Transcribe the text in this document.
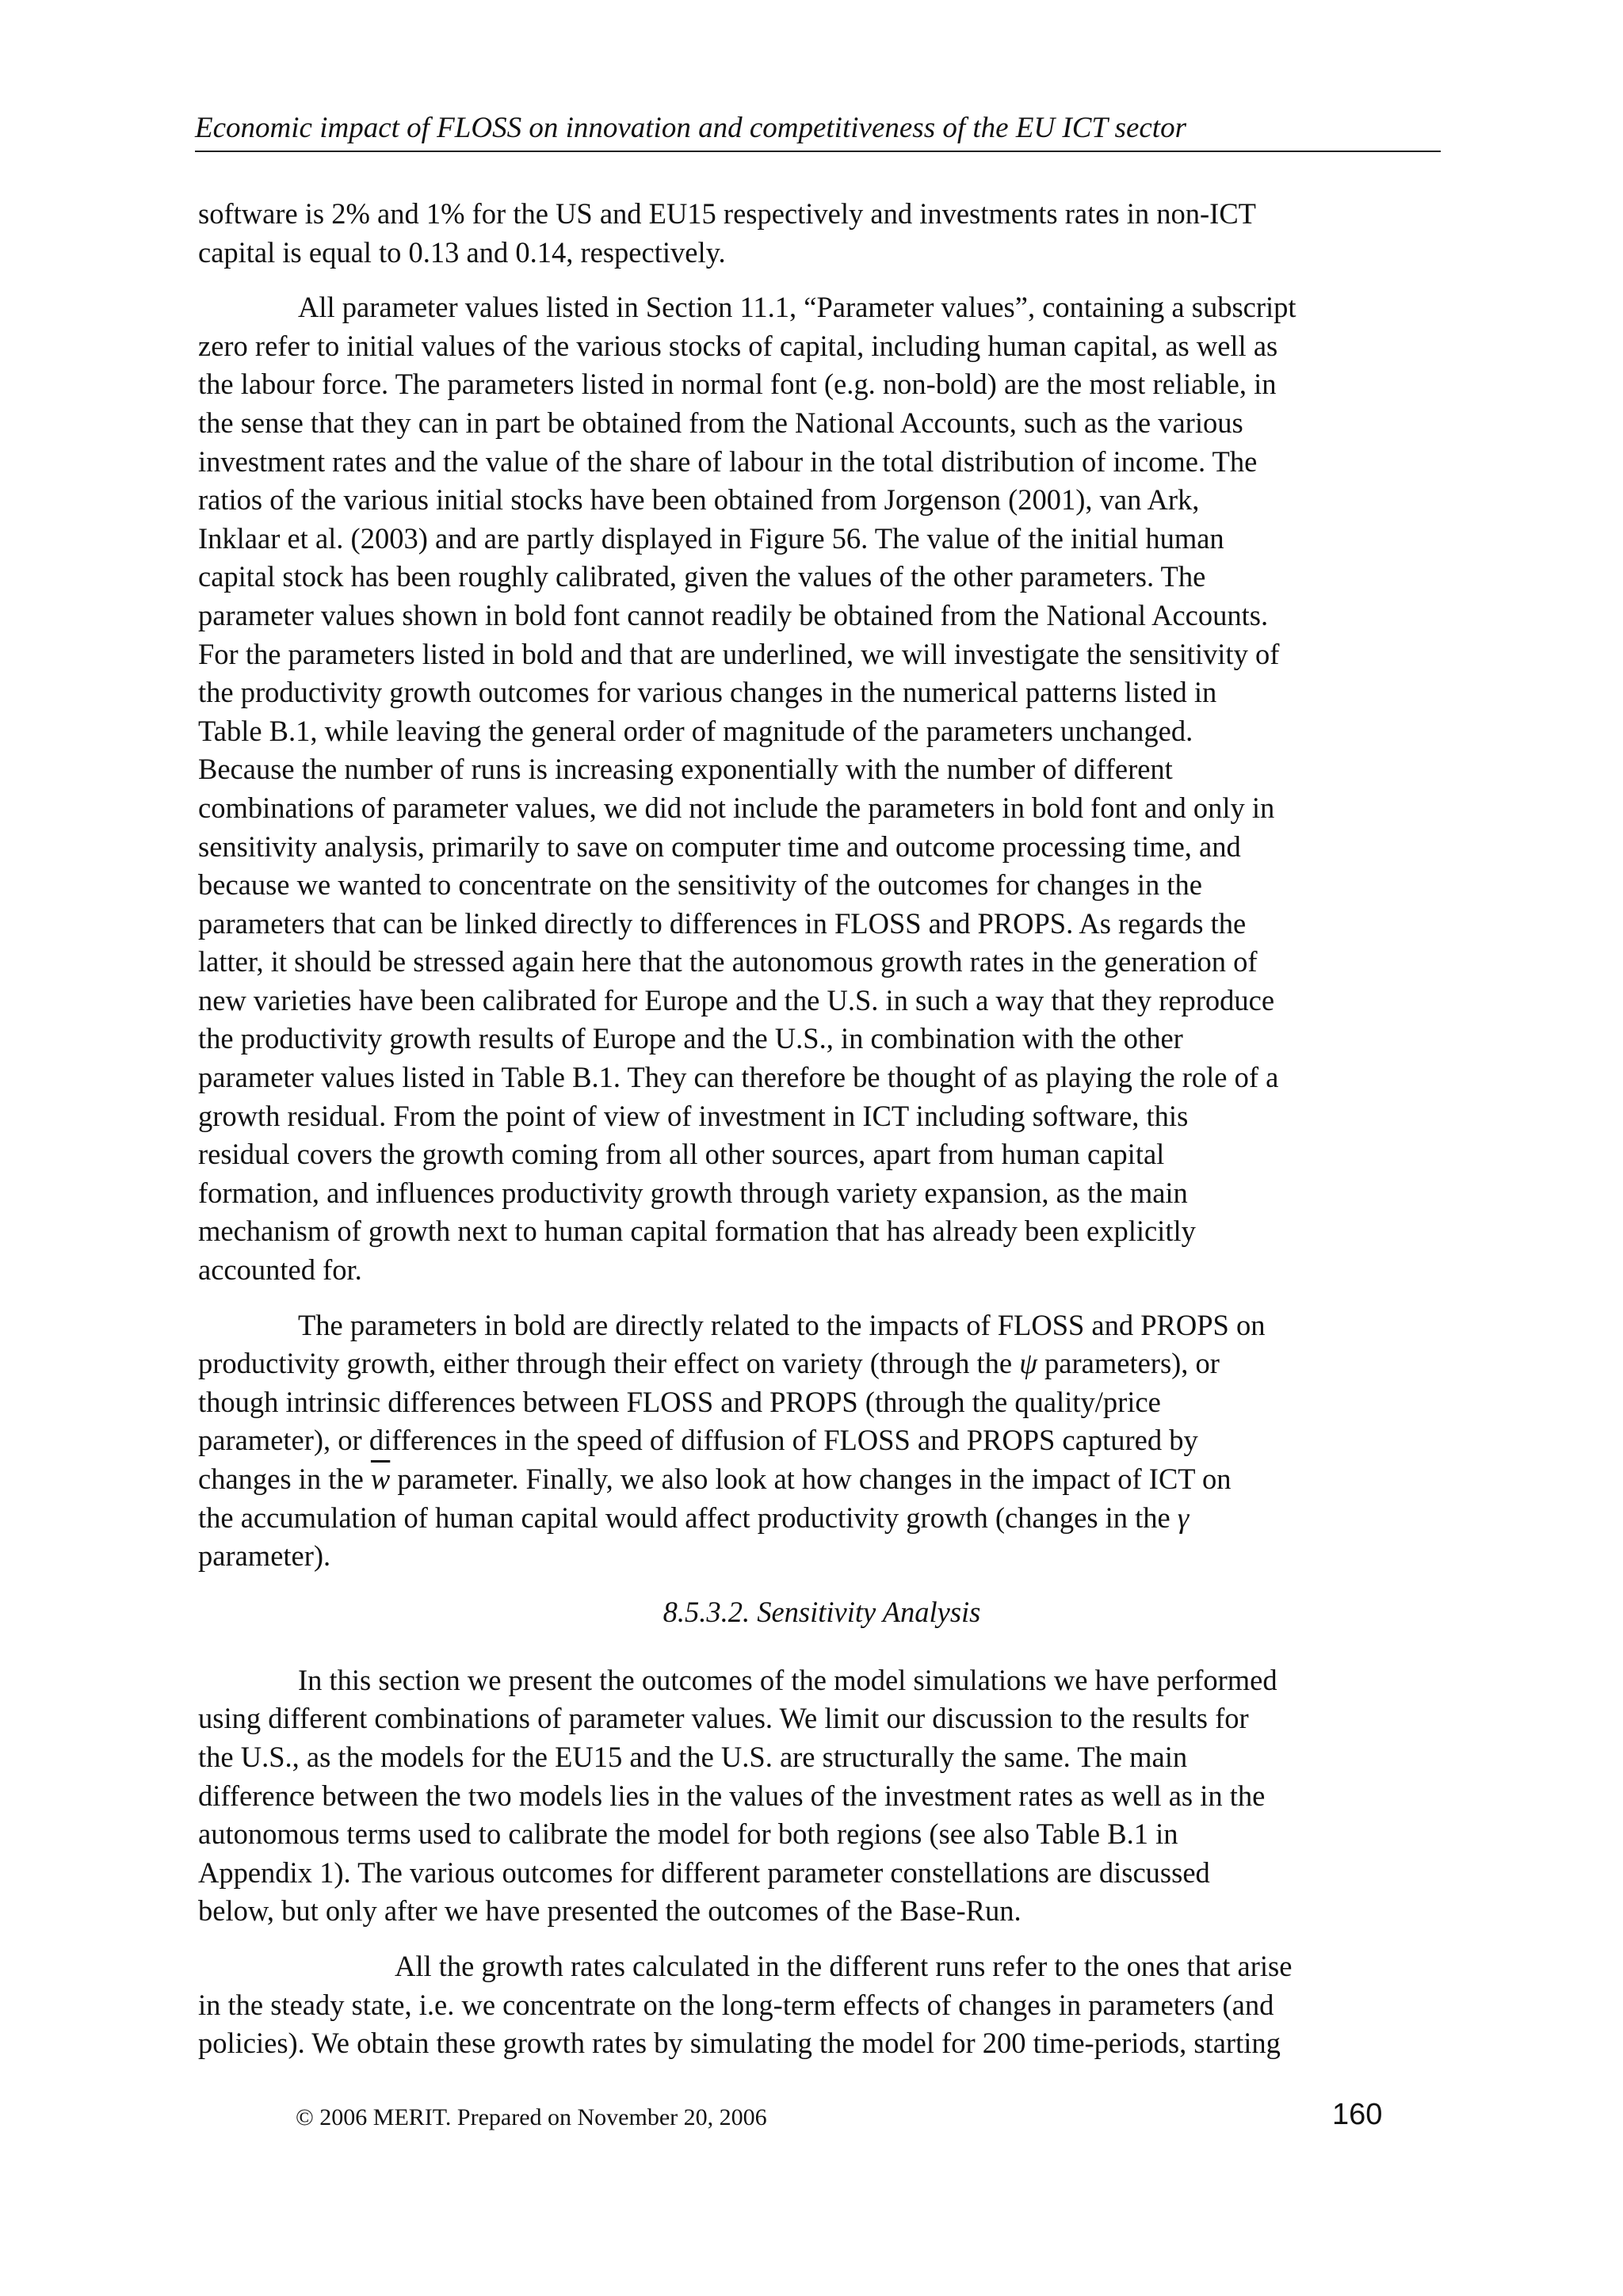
Economic impact of FLOSS on innovation and competitiveness of the EU ICT sector
software is 2% and 1% for the US and EU15 respectively and investments rates in non-ICT
capital is equal to 0.13 and 0.14, respectively.
All parameter values listed in Section 11.1, “Parameter values”, containing a subscript
zero refer to initial values of the various stocks of capital, including human capital, as well as
the labour force. The parameters listed in normal font (e.g. non-bold) are the most reliable, in
the sense that they can in part be obtained from the National Accounts, such as the various
investment rates and the value of the share of labour in the total distribution of income. The
ratios of the various initial stocks have been obtained from Jorgenson (2001), van Ark,
Inklaar et al. (2003) and are partly displayed in Figure 56. The value of the initial human
capital stock has been roughly calibrated, given the values of the other parameters. The
parameter values shown in bold font cannot readily be obtained from the National Accounts.
For the parameters listed in bold and that are underlined, we will investigate the sensitivity of
the productivity growth outcomes for various changes in the numerical patterns listed in
Table B.1, while leaving the general order of magnitude of the parameters unchanged.
Because the number of runs is increasing exponentially with the number of different
combinations of parameter values, we did not include the parameters in bold font and only in
sensitivity analysis, primarily to save on computer time and outcome processing time, and
because we wanted to concentrate on the sensitivity of the outcomes for changes in the
parameters that can be linked directly to differences in FLOSS and PROPS. As regards the
latter, it should be stressed again here that the autonomous growth rates in the generation of
new varieties have been calibrated for Europe and the U.S. in such a way that they reproduce
the productivity growth results of Europe and the U.S., in combination with the other
parameter values listed in Table B.1. They can therefore be thought of as playing the role of a
growth residual. From the point of view of investment in ICT including software, this
residual covers the growth coming from all other sources, apart from human capital
formation, and influences productivity growth through variety expansion, as the main
mechanism of growth next to human capital formation that has already been explicitly
accounted for.
The parameters in bold are directly related to the impacts of FLOSS and PROPS on
productivity growth, either through their effect on variety (through the ψ parameters), or
though intrinsic differences between FLOSS and PROPS (through the quality/price
parameter), or differences in the speed of diffusion of FLOSS and PROPS captured by
changes in the $\overline{w}$ parameter. Finally, we also look at how changes in the impact of ICT on
the accumulation of human capital would affect productivity growth (changes in the γ
parameter).
8.5.3.2. Sensitivity Analysis
In this section we present the outcomes of the model simulations we have performed
using different combinations of parameter values. We limit our discussion to the results for
the U.S., as the models for the EU15 and the U.S. are structurally the same. The main
difference between the two models lies in the values of the investment rates as well as in the
autonomous terms used to calibrate the model for both regions (see also Table B.1 in
Appendix 1). The various outcomes for different parameter constellations are discussed
below, but only after we have presented the outcomes of the Base-Run.
All the growth rates calculated in the different runs refer to the ones that arise
in the steady state, i.e. we concentrate on the long-term effects of changes in parameters (and
policies). We obtain these growth rates by simulating the model for 200 time-periods, starting
© 2006 MERIT. Prepared on November 20, 2006	160
